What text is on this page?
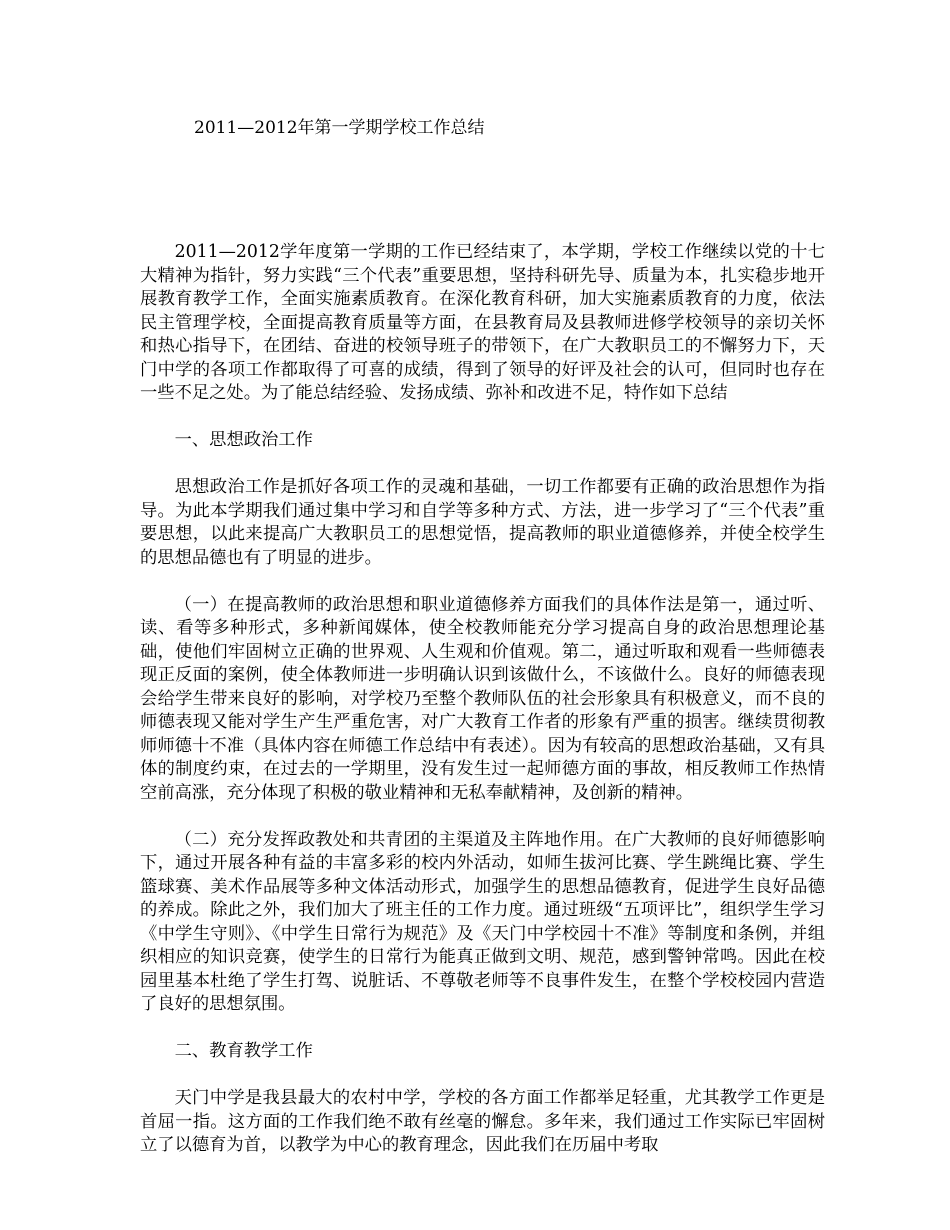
2011—2012年第一学期学校工作总结

2011—2012学年度第一学期的工作已经结束了，本学期，学校工作继续以党的十七大精神为指针，努力实践“三个代表”重要思想，坚持科研先导、质量为本，扎实稳步地开展教育教学工作，全面实施素质教育。在深化教育科研，加大实施素质教育的力度，依法民主管理学校，全面提高教育质量等方面，在县教育局及县教师进修学校领导的亲切关怀和热心指导下，在团结、奋进的校领导班子的带领下，在广大教职员工的不懈努力下，天门中学的各项工作都取得了可喜的成绩，得到了领导的好评及社会的认可，但同时也存在一些不足之处。为了能总结经验、发扬成绩、弥补和改进不足，特作如下总结

一、思想政治工作

思想政治工作是抓好各项工作的灵魂和基础，一切工作都要有正确的政治思想作为指导。为此本学期我们通过集中学习和自学等多种方式、方法，进一步学习了“三个代表”重要思想，以此来提高广大教职员工的思想觉悟，提高教师的职业道德修养，并使全校学生的思想品德也有了明显的进步。

（一）在提高教师的政治思想和职业道德修养方面我们的具体作法是第一，通过听、读、看等多种形式，多种新闻媒体，使全校教师能充分学习提高自身的政治思想理论基础，使他们牢固树立正确的世界观、人生观和价值观。第二，通过听取和观看一些师德表现正反面的案例，使全体教师进一步明确认识到该做什么，不该做什么。良好的师德表现会给学生带来良好的影响，对学校乃至整个教师队伍的社会形象具有积极意义，而不良的师德表现又能对学生产生严重危害，对广大教育工作者的形象有严重的损害。继续贯彻教师师德十不准（具体内容在师德工作总结中有表述）。因为有较高的思想政治基础，又有具体的制度约束，在过去的一学期里，没有发生过一起师德方面的事故，相反教师工作热情空前高涨，充分体现了积极的敬业精神和无私奉献精神，及创新的精神。

（二）充分发挥政教处和共青团的主渠道及主阵地作用。在广大教师的良好师德影响下，通过开展各种有益的丰富多彩的校内外活动，如师生拔河比赛、学生跳绳比赛、学生篮球赛、美术作品展等多种文体活动形式，加强学生的思想品德教育，促进学生良好品德的养成。除此之外，我们加大了班主任的工作力度。通过班级“五项评比”，组织学生学习《中学生守则》、《中学生日常行为规范》及《天门中学校园十不准》等制度和条例，并组织相应的知识竞赛，使学生的日常行为能真正做到文明、规范，感到警钟常鸣。因此在校园里基本杜绝了学生打驾、说脏话、不尊敬老师等不良事件发生，在整个学校校园内营造了良好的思想氛围。

二、教育教学工作

天门中学是我县最大的农村中学，学校的各方面工作都举足轻重，尤其教学工作更是首屈一指。这方面的工作我们绝不敢有丝毫的懈怠。多年来，我们通过工作实际已牢固树立了以德育为首，以教学为中心的教育理念，因此我们在历届中考取
